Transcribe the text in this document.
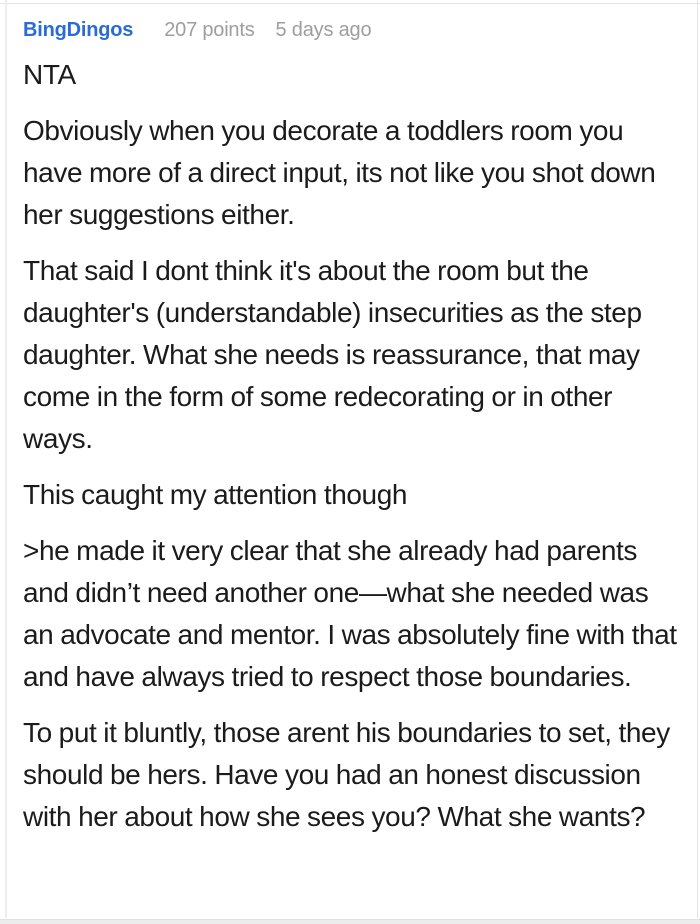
BingDingos 207 points 5 days ago

NTA

Obviously when you decorate a toddlers room you have more of a direct input, its not like you shot down her suggestions either.

That said I dont think it's about the room but the daughter's (understandable) insecurities as the step daughter. What she needs is reassurance, that may come in the form of some redecorating or in other ways.

This caught my attention though

>he made it very clear that she already had parents and didn’t need another one—what she needed was an advocate and mentor. I was absolutely fine with that and have always tried to respect those boundaries.

To put it bluntly, those arent his boundaries to set, they should be hers. Have you had an honest discussion with her about how she sees you? What she wants?
